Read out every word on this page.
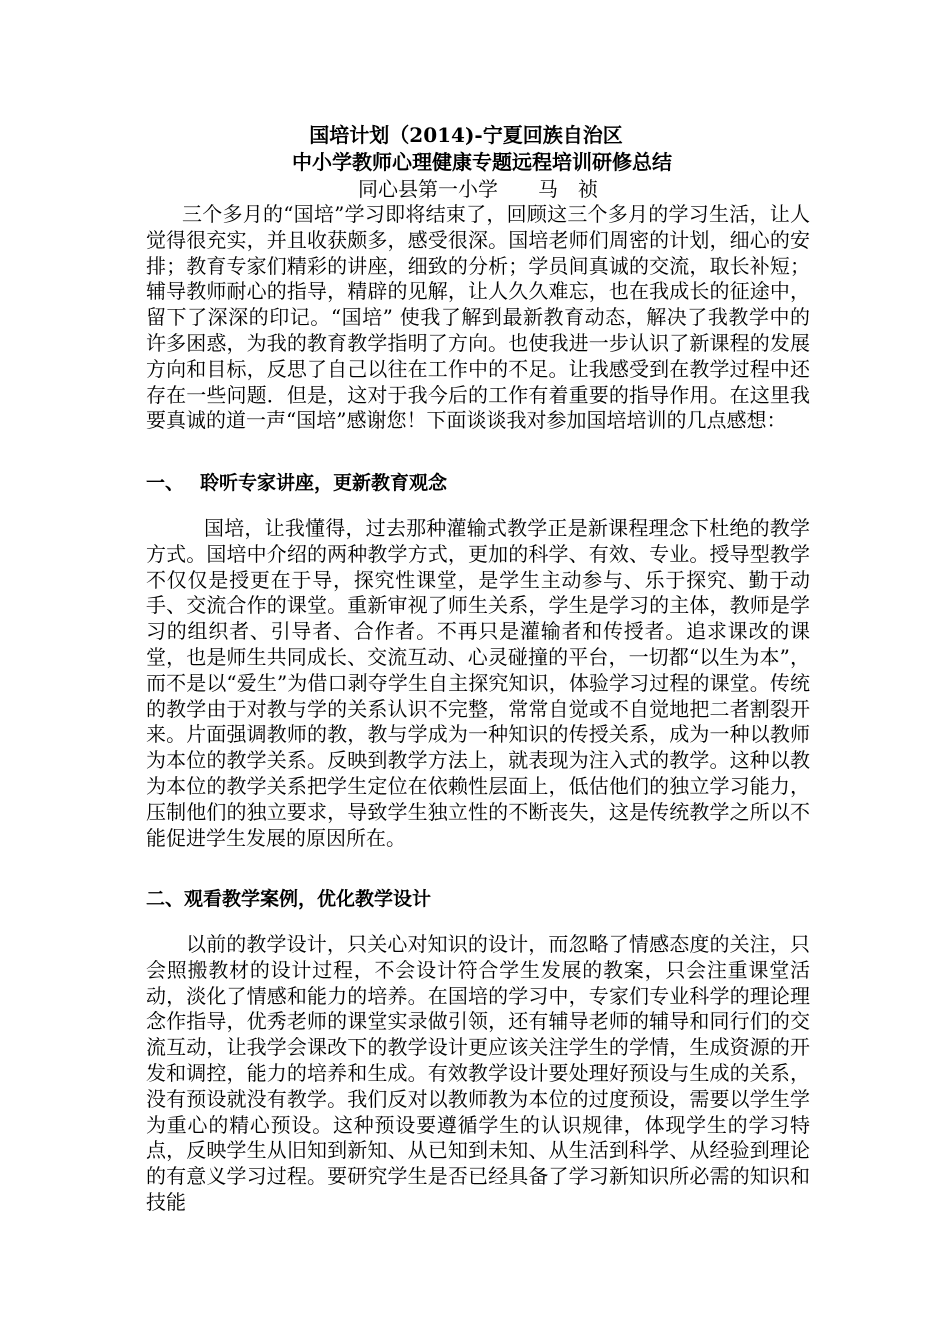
国培计划（2014)-宁夏回族自治区
中小学教师心理健康专题远程培训研修总结
同心县第一小学 马　祯
三个多月的“国培”学习即将结束了，回顾这三个多月的学习生活，让人觉得很充实，并且收获颇多，感受很深。国培老师们周密的计划，细心的安排；教育专家们精彩的讲座，细致的分析；学员间真诚的交流，取长补短；辅导教师耐心的指导，精辟的见解，让人久久难忘，也在我成长的征途中，留下了深深的印记。“国培” 使我了解到最新教育动态，解决了我教学中的许多困惑，为我的教育教学指明了方向。也使我进一步认识了新课程的发展方向和目标，反思了自己以往在工作中的不足。让我感受到在教学过程中还存在一些问题．但是，这对于我今后的工作有着重要的指导作用。在这里我要真诚的道一声“国培”感谢您！下面谈谈我对参加国培培训的几点感想：
一、 聆听专家讲座，更新教育观念
国培，让我懂得，过去那种灌输式教学正是新课程理念下杜绝的教学方式。国培中介绍的两种教学方式，更加的科学、有效、专业。授导型教学不仅仅是授更在于导，探究性课堂，是学生主动参与、乐于探究、勤于动手、交流合作的课堂。重新审视了师生关系，学生是学习的主体，教师是学习的组织者、引导者、合作者。不再只是灌输者和传授者。追求课改的课堂，也是师生共同成长、交流互动、心灵碰撞的平台，一切都“以生为本”，而不是以“爱生”为借口剥夺学生自主探究知识，体验学习过程的课堂。传统的教学由于对教与学的关系认识不完整，常常自觉或不自觉地把二者割裂开来。片面强调教师的教，教与学成为一种知识的传授关系，成为一种以教师为本位的教学关系。反映到教学方法上，就表现为注入式的教学。这种以教为本位的教学关系把学生定位在依赖性层面上，低估他们的独立学习能力，压制他们的独立要求，导致学生独立性的不断丧失，这是传统教学之所以不能促进学生发展的原因所在。
二、观看教学案例，优化教学设计
以前的教学设计，只关心对知识的设计，而忽略了情感态度的关注，只会照搬教材的设计过程，不会设计符合学生发展的教案，只会注重课堂活动，淡化了情感和能力的培养。在国培的学习中，专家们专业科学的理论理念作指导，优秀老师的课堂实录做引领，还有辅导老师的辅导和同行们的交流互动，让我学会课改下的教学设计更应该关注学生的学情，生成资源的开发和调控，能力的培养和生成。有效教学设计要处理好预设与生成的关系，没有预设就没有教学。我们反对以教师教为本位的过度预设，需要以学生学为重心的精心预设。这种预设要遵循学生的认识规律，体现学生的学习特点，反映学生从旧知到新知、从已知到未知、从生活到科学、从经验到理论的有意义学习过程。要研究学生是否已经具备了学习新知识所必需的知识和技能
